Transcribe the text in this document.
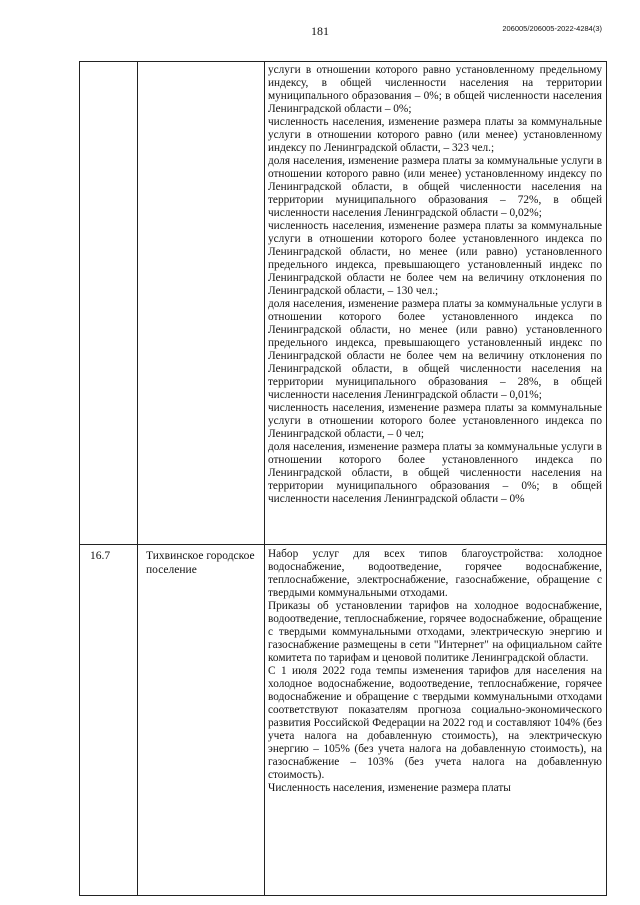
181	206005/206005-2022-4284(3)

услуги в отношении которого равно установленному предельному индексу, в общей численности населения на территории муниципального образования – 0%; в общей численности населения Ленинградской области – 0%;

численность населения, изменение размера платы за коммунальные услуги в отношении которого равно (или менее) установленному индексу по Ленинградской области, – 323 чел.;

доля населения, изменение размера платы за коммунальные услуги в отношении которого равно (или менее) установленному индексу по Ленинградской области, в общей численности населения на территории муниципального образования – 72%, в общей численности населения Ленинградской области – 0,02%;

численность населения, изменение размера платы за коммунальные услуги в отношении которого более установленного индекса по Ленинградской области, но менее (или равно) установленного предельного индекса, превышающего установленный индекс по Ленинградской области не более чем на величину отклонения по Ленинградской области, – 130 чел.;

доля населения, изменение размера платы за коммунальные услуги в отношении которого более установленного индекса по Ленинградской области, но менее (или равно) установленного предельного индекса, превышающего установленный индекс по Ленинградской области не более чем на величину отклонения по Ленинградской области, в общей численности населения на территории муниципального образования – 28%, в общей численности населения Ленинградской области – 0,01%;

численность населения, изменение размера платы за коммунальные услуги в отношении которого более установленного индекса по Ленинградской области, – 0 чел;

доля населения, изменение размера платы за коммунальные услуги в отношении которого более установленного индекса по Ленинградской области, в общей численности населения на территории муниципального образования – 0%; в общей численности населения Ленинградской области – 0%

16.7	Тихвинское городское поселение

Набор услуг для всех типов благоустройства: холодное водоснабжение, водоотведение, горячее водоснабжение, теплоснабжение, электроснабжение, газоснабжение, обращение с твердыми коммунальными отходами.

Приказы об установлении тарифов на холодное водоснабжение, водоотведение, теплоснабжение, горячее водоснабжение, обращение с твердыми коммунальными отходами, электрическую энергию и газоснабжение размещены в сети "Интернет" на официальном сайте комитета по тарифам и ценовой политике Ленинградской области.

С 1 июля 2022 года темпы изменения тарифов для населения на холодное водоснабжение, водоотведение, теплоснабжение, горячее водоснабжение и обращение с твердыми коммунальными отходами соответствуют показателям прогноза социально-экономического развития Российской Федерации на 2022 год и составляют 104% (без учета налога на добавленную стоимость), на электрическую энергию – 105% (без учета налога на добавленную стоимость), на газоснабжение – 103% (без учета налога на добавленную стоимость).

Численность населения, изменение размера платы
